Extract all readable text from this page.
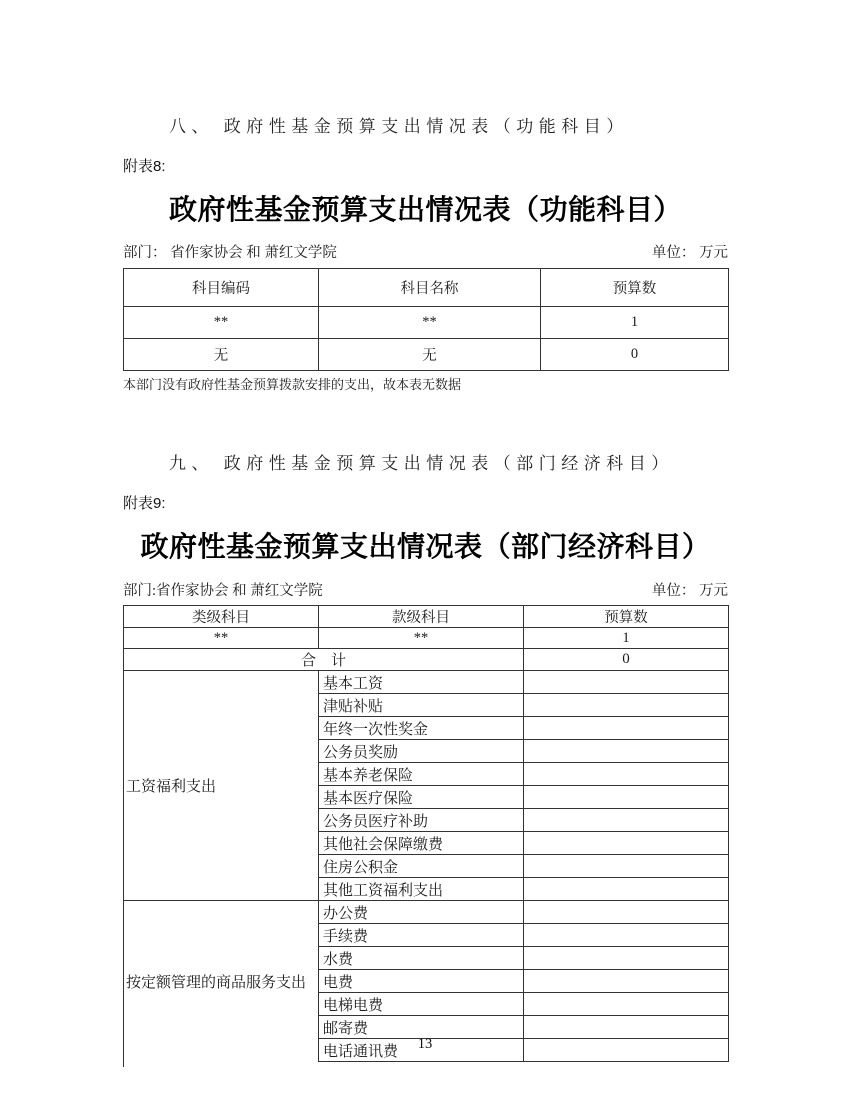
八、 政府性基金预算支出情况表（功能科目）
附表8:
政府性基金预算支出情况表（功能科目）
部门： 省作家协会 和 萧红文学院	单位： 万元
科目编码	科目名称	预算数
**	**	1
无	无	0
本部门没有政府性基金预算拨款安排的支出，故本表无数据
九、 政府性基金预算支出情况表（部门经济科目）
附表9:
政府性基金预算支出情况表（部门经济科目）
部门:省作家协会 和 萧红文学院	单位： 万元
类级科目	款级科目	预算数
**	**	1
合　计		0
工资福利支出	基本工资	
	津贴补贴	
	年终一次性奖金	
	公务员奖励	
	基本养老保险	
	基本医疗保险	
	公务员医疗补助	
	其他社会保障缴费	
	住房公积金	
	其他工资福利支出	
按定额管理的商品服务支出	办公费	
	手续费	
	水费	
	电费	
	电梯电费	
	邮寄费	
	电话通讯费		13
